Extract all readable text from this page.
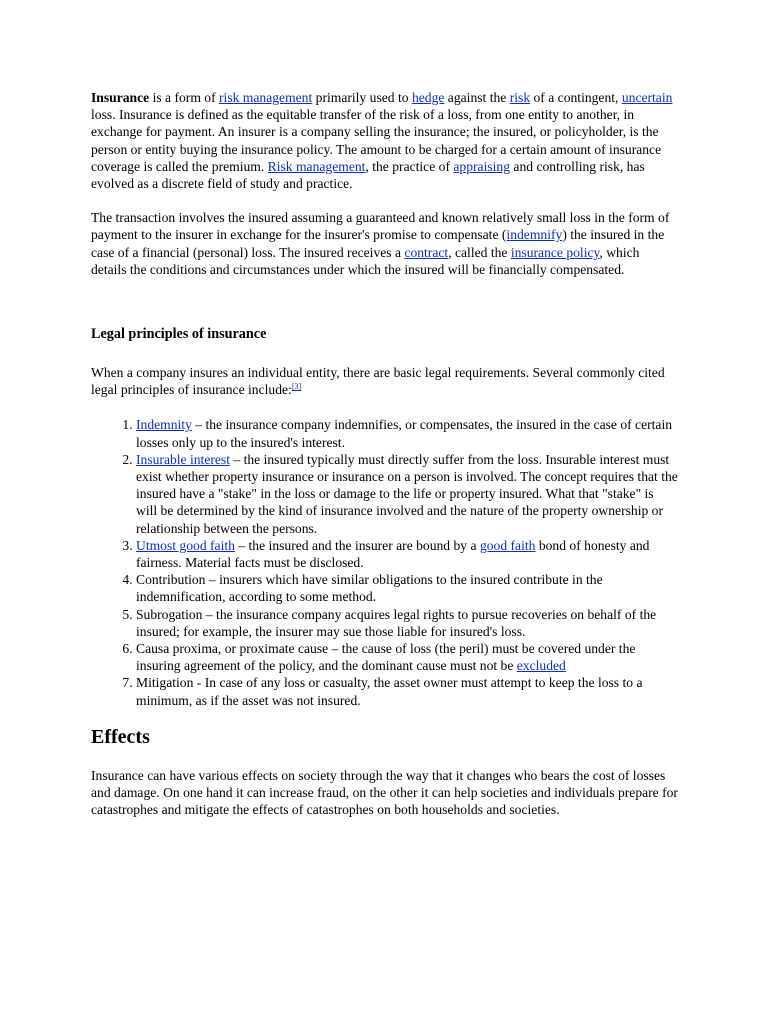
Insurance is a form of risk management primarily used to hedge against the risk of a contingent, uncertain loss. Insurance is defined as the equitable transfer of the risk of a loss, from one entity to another, in exchange for payment. An insurer is a company selling the insurance; the insured, or policyholder, is the person or entity buying the insurance policy. The amount to be charged for a certain amount of insurance coverage is called the premium. Risk management, the practice of appraising and controlling risk, has evolved as a discrete field of study and practice.

The transaction involves the insured assuming a guaranteed and known relatively small loss in the form of payment to the insurer in exchange for the insurer's promise to compensate (indemnify) the insured in the case of a financial (personal) loss. The insured receives a contract, called the insurance policy, which details the conditions and circumstances under which the insured will be financially compensated.

Legal principles of insurance

When a company insures an individual entity, there are basic legal requirements. Several commonly cited legal principles of insurance include:[3]

1. Indemnity – the insurance company indemnifies, or compensates, the insured in the case of certain losses only up to the insured's interest.
2. Insurable interest – the insured typically must directly suffer from the loss. Insurable interest must exist whether property insurance or insurance on a person is involved. The concept requires that the insured have a "stake" in the loss or damage to the life or property insured. What that "stake" is will be determined by the kind of insurance involved and the nature of the property ownership or relationship between the persons.
3. Utmost good faith – the insured and the insurer are bound by a good faith bond of honesty and fairness. Material facts must be disclosed.
4. Contribution – insurers which have similar obligations to the insured contribute in the indemnification, according to some method.
5. Subrogation – the insurance company acquires legal rights to pursue recoveries on behalf of the insured; for example, the insurer may sue those liable for insured's loss.
6. Causa proxima, or proximate cause – the cause of loss (the peril) must be covered under the insuring agreement of the policy, and the dominant cause must not be excluded
7. Mitigation - In case of any loss or casualty, the asset owner must attempt to keep the loss to a minimum, as if the asset was not insured.
Effects

Insurance can have various effects on society through the way that it changes who bears the cost of losses and damage. On one hand it can increase fraud, on the other it can help societies and individuals prepare for catastrophes and mitigate the effects of catastrophes on both households and societies.
